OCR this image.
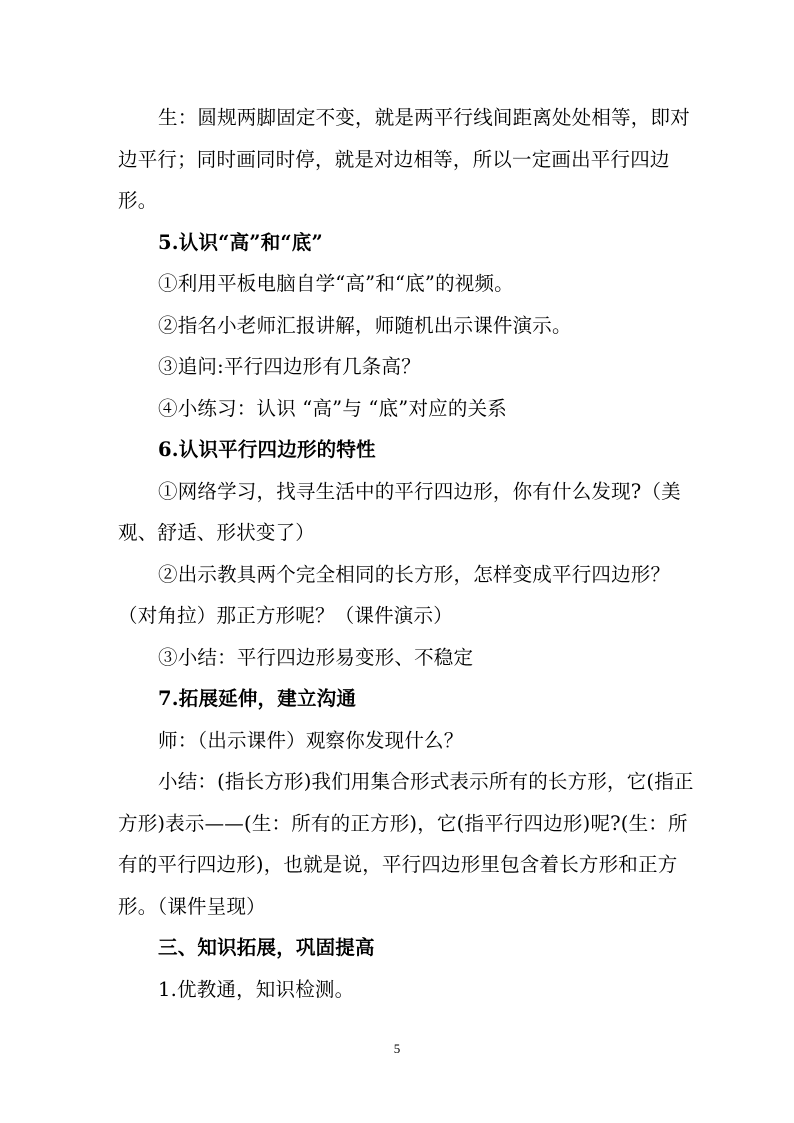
生：圆规两脚固定不变，就是两平行线间距离处处相等，即对
边平行；同时画同时停，就是对边相等，所以一定画出平行四边
形。
5.认识“高”和“底”
①利用平板电脑自学“高”和“底”的视频。
②指名小老师汇报讲解，师随机出示课件演示。
③追问:平行四边形有几条高？
④小练习：认识 “高”与 “底”对应的关系
6.认识平行四边形的特性
①网络学习，找寻生活中的平行四边形，你有什么发现?（美
观、舒适、形状变了）
②出示教具两个完全相同的长方形，怎样变成平行四边形？
（对角拉）那正方形呢？（课件演示）
③小结：平行四边形易变形、不稳定
7.拓展延伸，建立沟通
师：（出示课件）观察你发现什么？
小结：(指长方形)我们用集合形式表示所有的长方形，它(指正
方形)表示——(生：所有的正方形)，它(指平行四边形)呢?(生：所
有的平行四边形)，也就是说，平行四边形里包含着长方形和正方
形。（课件呈现）
三、知识拓展，巩固提高
1.优教通，知识检测。
5
